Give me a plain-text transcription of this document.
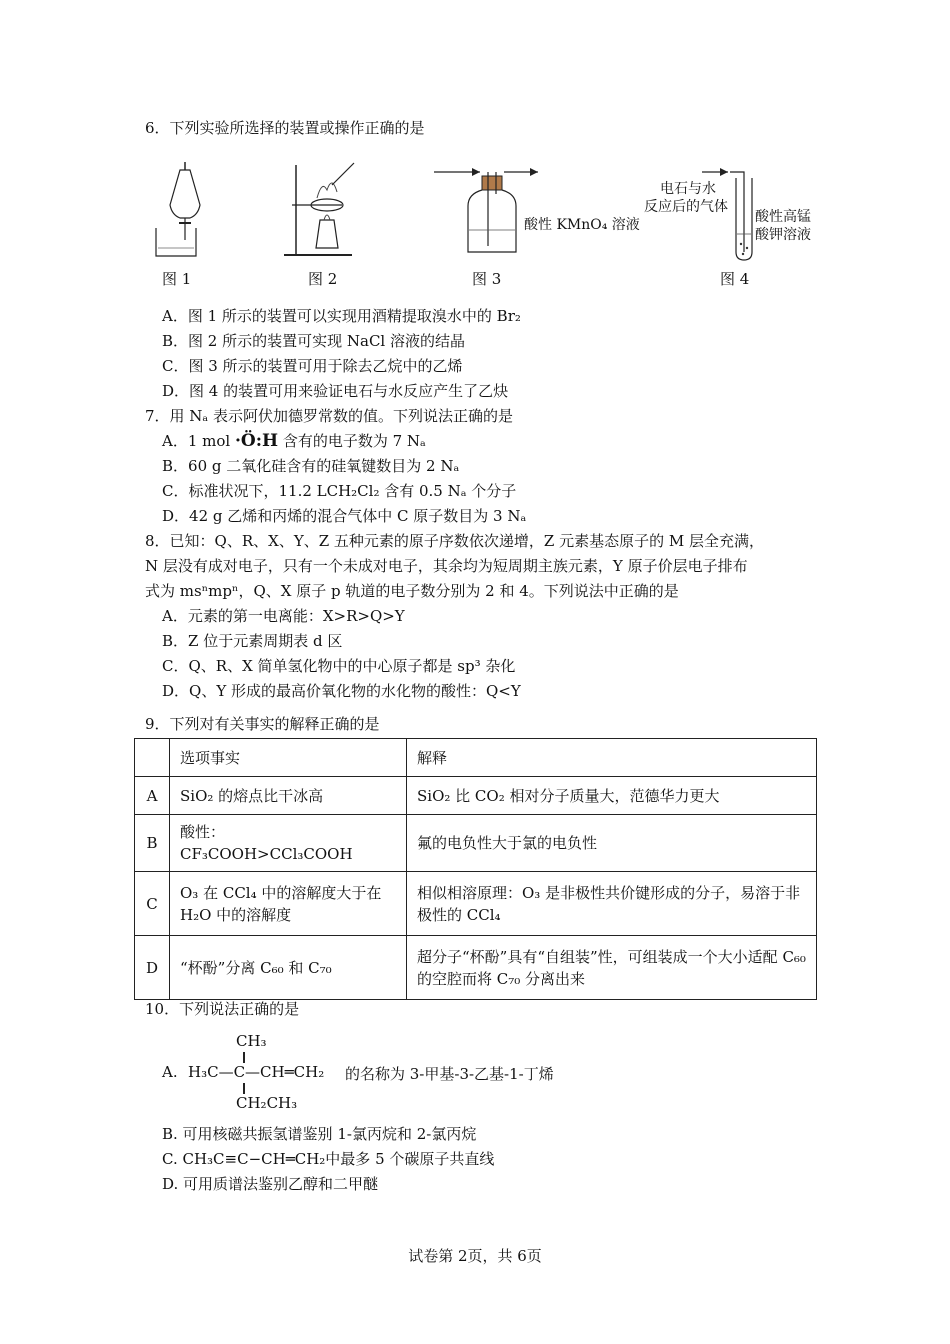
6．下列实验所选择的装置或操作正确的是
酸性 KMnO₄ 溶液
电石与水
反应后的气体
酸性高锰
酸钾溶液
图 1	图 2	图 3	图 4
A．图 1 所示的装置可以实现用酒精提取溴水中的 Br₂
B．图 2 所示的装置可实现 NaCl 溶液的结晶
C．图 3 所示的装置可用于除去乙烷中的乙烯
D．图 4 的装置可用来验证电石与水反应产生了乙炔
7．用 Nₐ 表示阿伏加德罗常数的值。下列说法正确的是
A．1 mol ·Ö:H 含有的电子数为 7 Nₐ
B．60 g 二氧化硅含有的硅氧键数目为 2 Nₐ
C．标准状况下，11.2 LCH₂Cl₂ 含有 0.5 Nₐ 个分子
D．42 g 乙烯和丙烯的混合气体中 C 原子数目为 3 Nₐ
8．已知：Q、R、X、Y、Z 五种元素的原子序数依次递增，Z 元素基态原子的 M 层全充满，
N 层没有成对电子，只有一个未成对电子，其余均为短周期主族元素，Y 原子价层电子排布
式为 msⁿmpⁿ，Q、X 原子 p 轨道的电子数分别为 2 和 4。下列说法中正确的是
A．元素的第一电离能：X>R>Q>Y
B．Z 位于元素周期表 d 区
C．Q、R、X 简单氢化物中的中心原子都是 sp³ 杂化
D．Q、Y 形成的最高价氧化物的水化物的酸性：Q<Y
9．下列对有关事实的解释正确的是
	选项事实	解释
A	SiO₂ 的熔点比干冰高	SiO₂ 比 CO₂ 相对分子质量大，范德华力更大
B	酸性：CF₃COOH>CCl₃COOH	氟的电负性大于氯的电负性
C	O₃ 在 CCl₄ 中的溶解度大于在 H₂O 中的溶解度	相似相溶原理：O₃ 是非极性共价键形成的分子，易溶于非极性的 CCl₄
D	“杯酚”分离 C₆₀ 和 C₇₀	超分子“杯酚”具有“自组装”性，可组装成一个大小适配 C₆₀ 的空腔而将 C₇₀ 分离出来
10．下列说法正确的是
A.
CH₃
H₃C—C—CH═CH₂
CH₂CH₃
的名称为 3-甲基-3-乙基-1-丁烯
B. 可用核磁共振氢谱鉴别 1-氯丙烷和 2-氯丙烷
C. CH₃C≡C−CH═CH₂中最多 5 个碳原子共直线
D. 可用质谱法鉴别乙醇和二甲醚
试卷第 2页，共 6页
